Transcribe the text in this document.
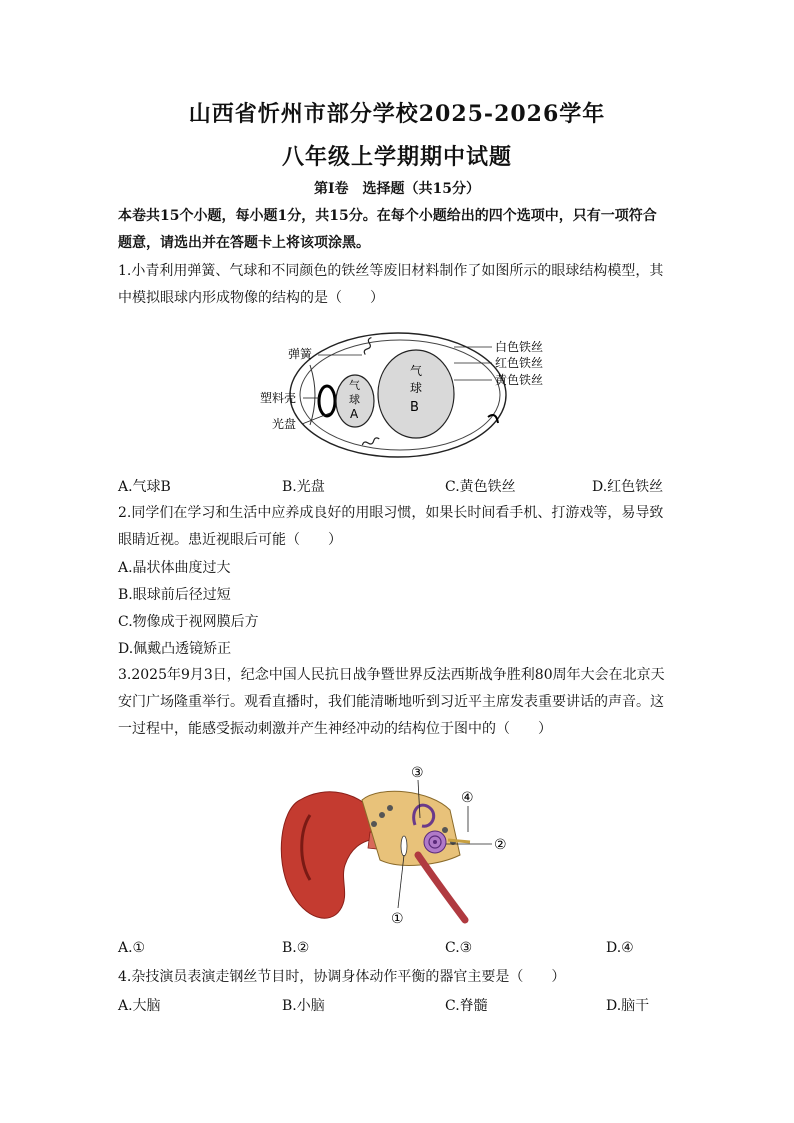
山西省忻州市部分学校2025-2026学年
八年级上学期期中试题
第Ⅰ卷　选择题（共15分）
本卷共15个小题，每小题1分，共15分。在每个小题给出的四个选项中，只有一项符合
题意，请选出并在答题卡上将该项涂黑。
1.小青利用弹簧、气球和不同颜色的铁丝等废旧材料制作了如图所示的眼球结构模型，其
中模拟眼球内形成物像的结构的是（　　）
弹簧
塑料壳
光盘
白色铁丝
红色铁丝
黄色铁丝
气
球
A
气
球
B
A.气球B	B.光盘	C.黄色铁丝	D.红色铁丝
2.同学们在学习和生活中应养成良好的用眼习惯，如果长时间看手机、打游戏等，易导致
眼睛近视。患近视眼后可能（　　）
A.晶状体曲度过大
B.眼球前后径过短
C.物像成于视网膜后方
D.佩戴凸透镜矫正
3.2025年9月3日，纪念中国人民抗日战争暨世界反法西斯战争胜利80周年大会在北京天
安门广场隆重举行。观看直播时，我们能清晰地听到习近平主席发表重要讲话的声音。这
一过程中，能感受振动刺激并产生神经冲动的结构位于图中的（　　）
①
②
③
④
A.①	B.②	C.③	D.④
4.杂技演员表演走钢丝节目时，协调身体动作平衡的器官主要是（　　）
A.大脑	B.小脑	C.脊髓	D.脑干
